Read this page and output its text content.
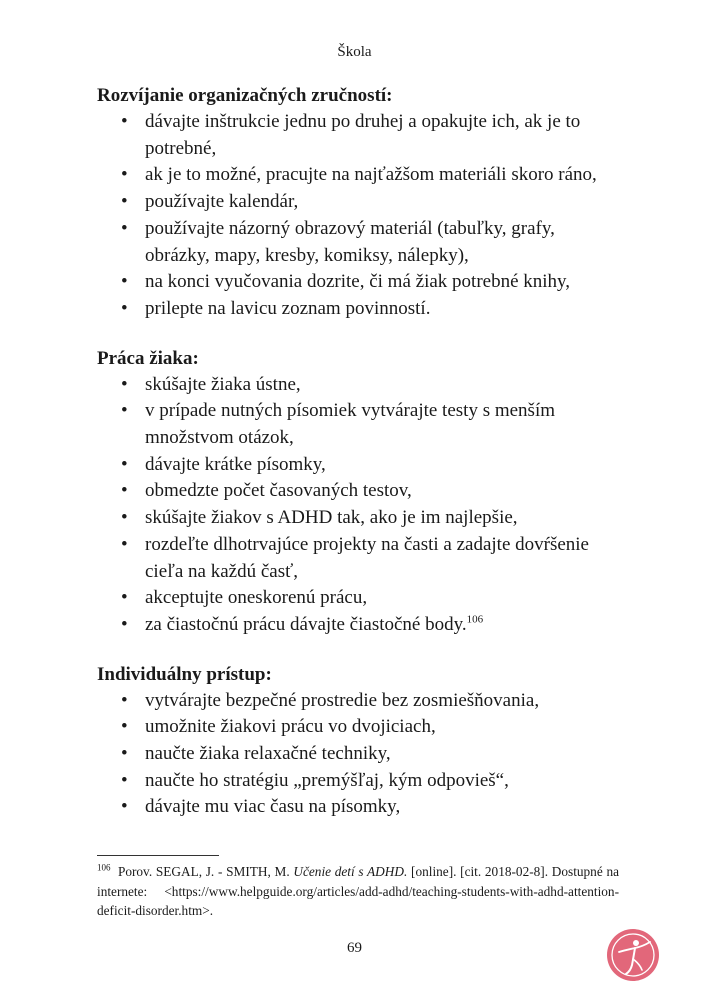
Škola
Rozvíjanie organizačných zručností:
• dávajte inštrukcie jednu po druhej a opakujte ich, ak je to potrebné,
• ak je to možné, pracujte na najťažšom materiáli skoro ráno,
• používajte kalendár,
• používajte názorný obrazový materiál (tabuľky, grafy, obrázky, mapy, kresby, komiksy, nálepky),
• na konci vyučovania dozrite, či má žiak potrebné knihy,
• prilepte na lavicu zoznam povinností.
Práca žiaka:
• skúšajte žiaka ústne,
• v prípade nutných písomiek vytvárajte testy s menším množstvom otázok,
• dávajte krátke písomky,
• obmedzte počet časovaných testov,
• skúšajte žiakov s ADHD tak, ako je im najlepšie,
• rozdeľte dlhotrvajúce projekty na časti a zadajte dovŕšenie cieľa na každú časť,
• akceptujte oneskorenú prácu,
• za čiastočnú prácu dávajte čiastočné body.$^{106}$
Individuálny prístup:
• vytvárajte bezpečné prostredie bez zosmiešňovania,
• umožnite žiakovi prácu vo dvojiciach,
• naučte žiaka relaxačné techniky,
• naučte ho stratégiu „premýšľaj, kým odpovieš“,
• dávajte mu viac času na písomky,
$^{106}$ Porov. SEGAL, J. - SMITH, M. Učenie detí s ADHD. [online]. [cit. 2018-02-8]. Dostupné na internete: <https://www.helpguide.org/articles/add-adhd/teaching-students-with-adhd-attention-deficit-disorder.htm>.
69
